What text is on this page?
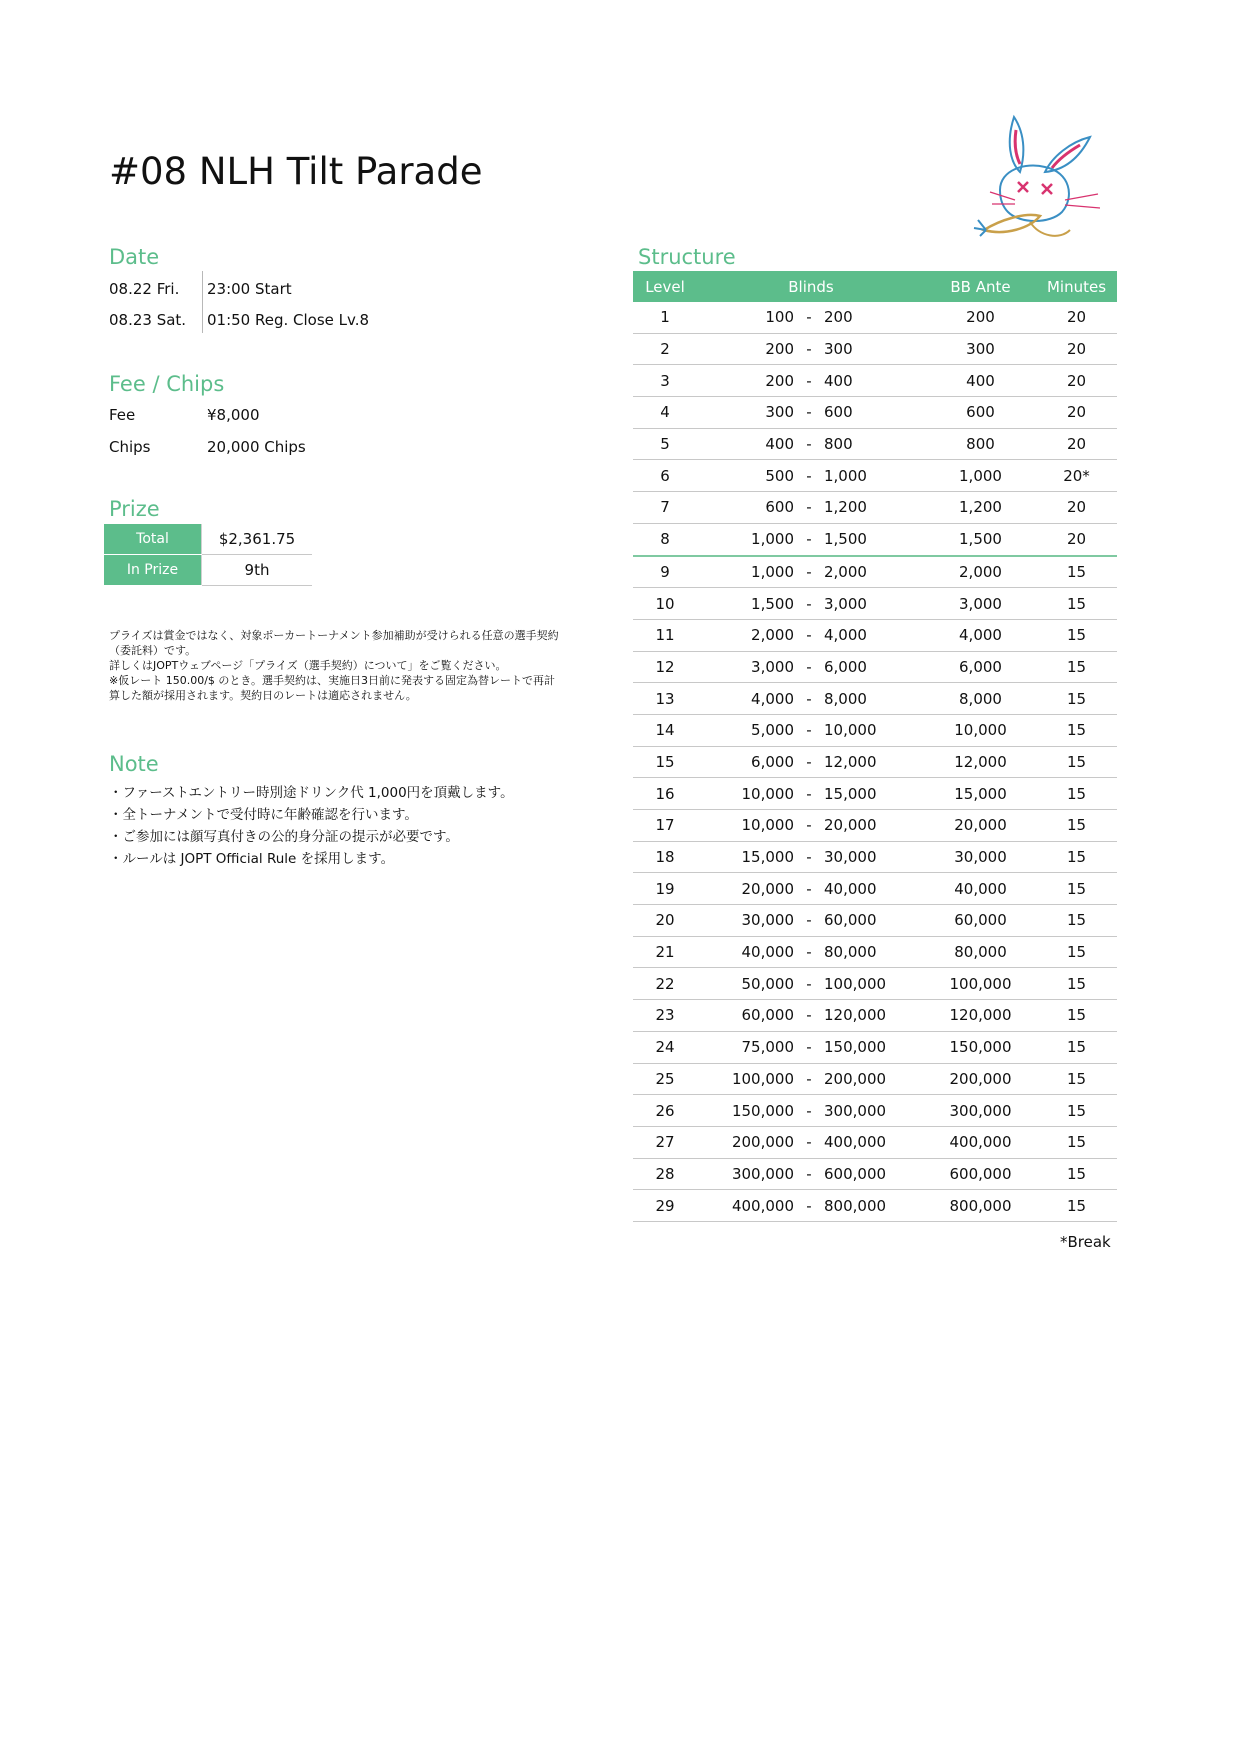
#08 NLH Tilt Parade
Date
08.22 Fri. 23:00 Start
08.23 Sat. 01:50 Reg. Close Lv.8
Fee / Chips
Fee	¥8,000
Chips	20,000 Chips
Prize
Total	$2,361.75
In Prize	9th
プライズは賞金ではなく、対象ポーカートーナメント参加補助が受けられる任意の選手契約
（委託料）です。
詳しくはJOPTウェブページ「プライズ（選手契約）について」をご覧ください。
※仮レート 150.00/$ のとき。選手契約は、実施日3日前に発表する固定為替レートで再計
算した額が採用されます。契約日のレートは適応されません。
Note
・ファーストエントリー時別途ドリンク代 1,000円を頂戴します。
・全トーナメントで受付時に年齢確認を行います。
・ご参加には顔写真付きの公的身分証の提示が必要です。
・ルールは JOPT Official Rule を採用します。
Structure
Level	Blinds			BB Ante	Minutes
1	100	-	200	200	20
2	200	-	300	300	20
3	200	-	400	400	20
4	300	-	600	600	20
5	400	-	800	800	20
6	500	-	1,000	1,000	20*
7	600	-	1,200	1,200	20
8	1,000	-	1,500	1,500	20
9	1,000	-	2,000	2,000	15
10	1,500	-	3,000	3,000	15
11	2,000	-	4,000	4,000	15
12	3,000	-	6,000	6,000	15
13	4,000	-	8,000	8,000	15
14	5,000	-	10,000	10,000	15
15	6,000	-	12,000	12,000	15
16	10,000	-	15,000	15,000	15
17	10,000	-	20,000	20,000	15
18	15,000	-	30,000	30,000	15
19	20,000	-	40,000	40,000	15
20	30,000	-	60,000	60,000	15
21	40,000	-	80,000	80,000	15
22	50,000	-	100,000	100,000	15
23	60,000	-	120,000	120,000	15
24	75,000	-	150,000	150,000	15
25	100,000	-	200,000	200,000	15
26	150,000	-	300,000	300,000	15
27	200,000	-	400,000	400,000	15
28	300,000	-	600,000	600,000	15
29	400,000	-	800,000	800,000	15
*Break
